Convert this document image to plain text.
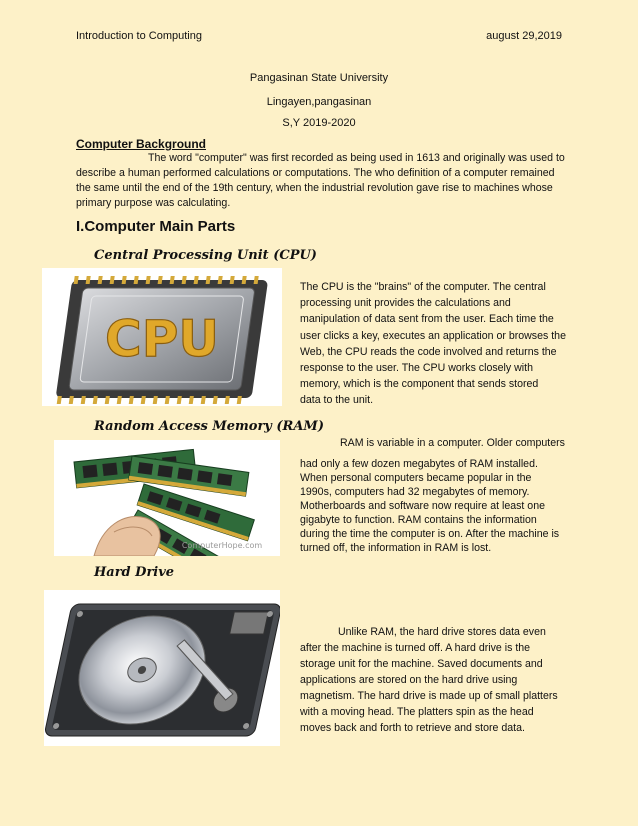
Introduction to Computing	august 29,2019
Pangasinan State University
Lingayen,pangasinan
S,Y 2019-2020
Computer Background
The word "computer" was first recorded as being used in 1613 and originally was used to
describe a human performed calculations or computations. The who definition of a computer remained
the same until the end of the 19th century, when the industrial revolution gave rise to machines whose
primary purpose was calculating.
I.Computer Main Parts
Central Processing Unit (CPU)
CPU
The CPU is the "brains" of the computer. The central
processing unit provides the calculations and
manipulation of data sent from the user. Each time the
user clicks a key, executes an application or browses the
Web, the CPU reads the code involved and returns the
response to the user. The CPU works closely with
memory, which is the component that sends stored
data to the unit.
Random Access Memory (RAM)
ComputerHope.com
RAM is variable in a computer. Older computers
had only a few dozen megabytes of RAM installed.
When personal computers became popular in the
1990s, computers had 32 megabytes of memory.
Motherboards and software now require at least one
gigabyte to function. RAM contains the information
during the time the computer is on. After the machine is
turned off, the information in RAM is lost.
Hard Drive
Unlike RAM, the hard drive stores data even
after the machine is turned off. A hard drive is the
storage unit for the machine. Saved documents and
applications are stored on the hard drive using
magnetism. The hard drive is made up of small platters
with a moving head. The platters spin as the head
moves back and forth to retrieve and store data.
